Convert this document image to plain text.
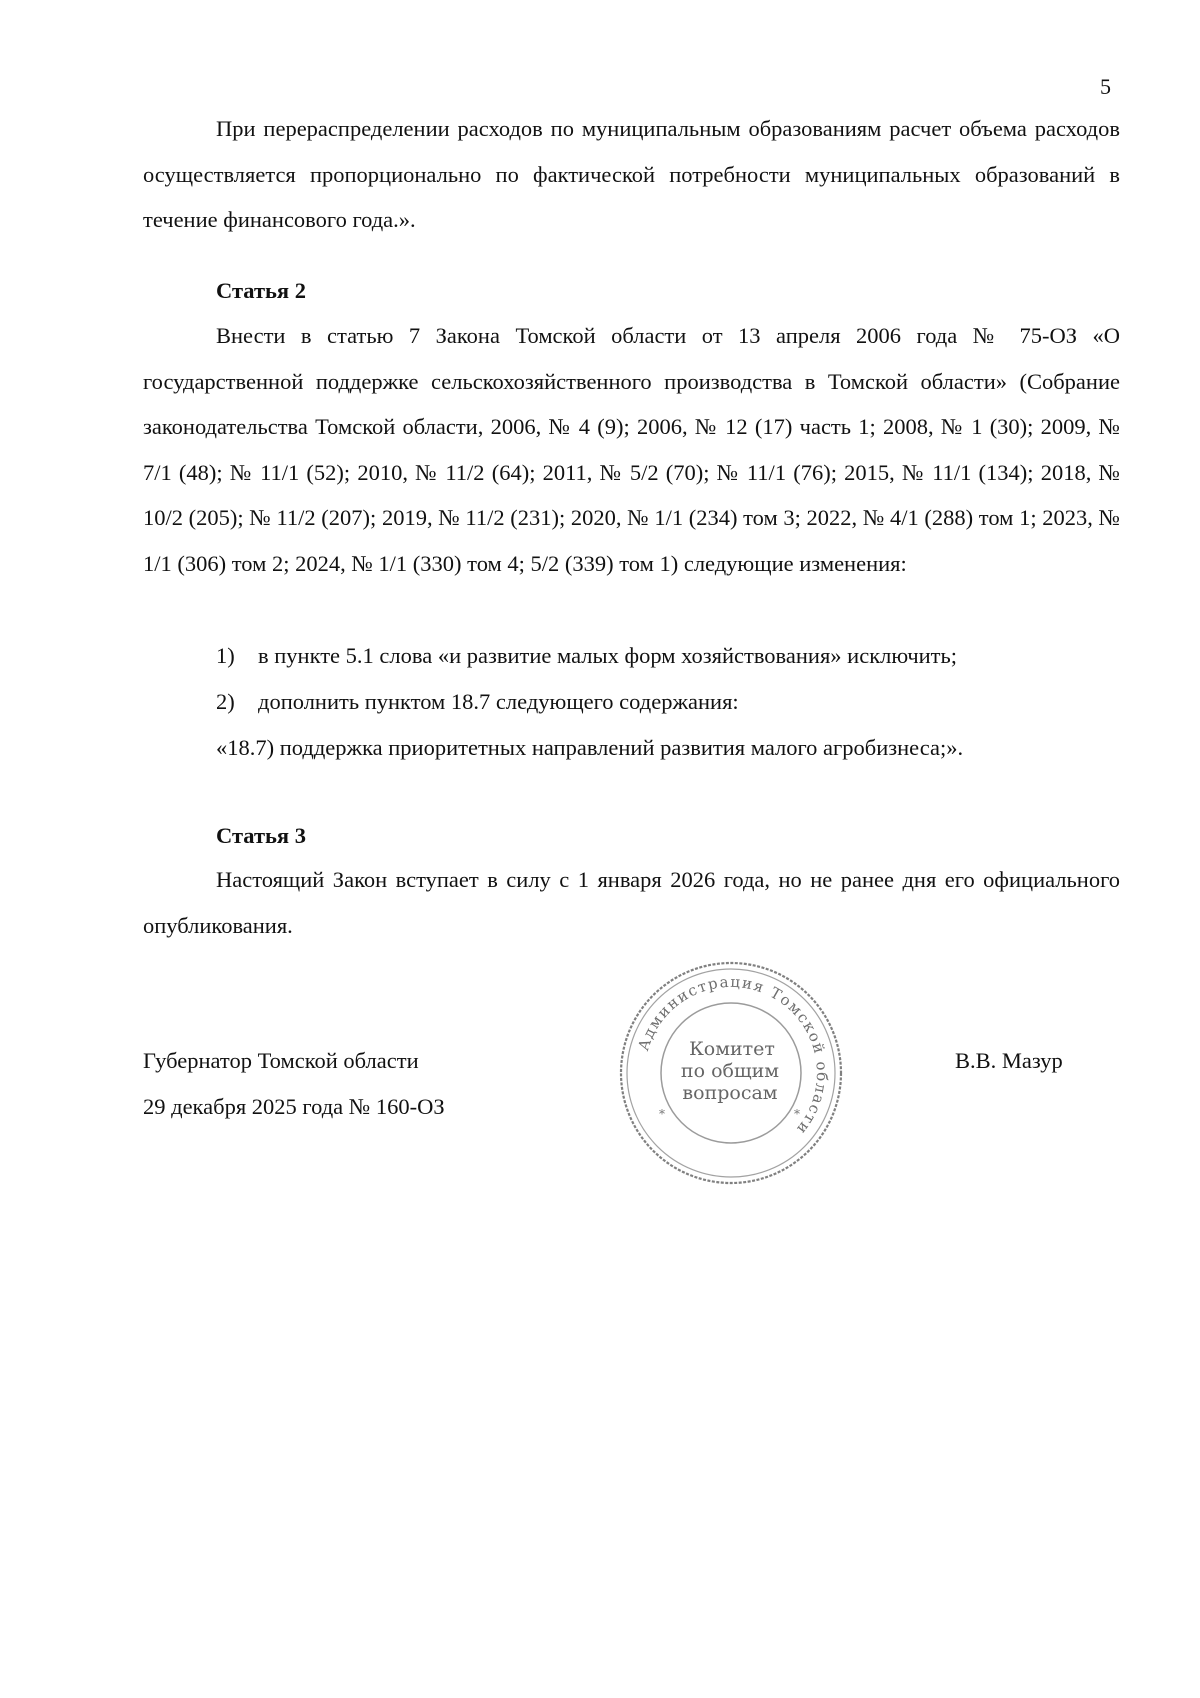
5

При перераспределении расходов по муниципальным образованиям расчет объема расходов осуществляется пропорционально по фактической потребности муниципальных образований в течение финансового года.».

Статья 2

Внести в статью 7 Закона Томской области от 13 апреля 2006 года № 75-ОЗ «О государственной поддержке сельскохозяйственного производства в Томской области» (Собрание законодательства Томской области, 2006, № 4 (9); 2006, № 12 (17) часть 1; 2008, № 1 (30); 2009, № 7/1 (48); № 11/1 (52); 2010, № 11/2 (64); 2011, № 5/2 (70); № 11/1 (76); 2015, № 11/1 (134); 2018, № 10/2 (205); № 11/2 (207); 2019, № 11/2 (231); 2020, № 1/1 (234) том 3; 2022, № 4/1 (288) том 1; 2023, № 1/1 (306) том 2; 2024, № 1/1 (330) том 4; 5/2 (339) том 1) следующие изменения:

1) в пункте 5.1 слова «и развитие малых форм хозяйствования» исключить;
2) дополнить пунктом 18.7 следующего содержания:
«18.7) поддержка приоритетных направлений развития малого агробизнеса;».
Статья 3

Настоящий Закон вступает в силу с 1 января 2026 года, но не ранее дня его официального опубликования.

Губернатор Томской области
29 декабря 2025 года № 160-ОЗ
В.В. Мазур
Администрация Томской области
*	*
Комитет
по общим
вопросам
